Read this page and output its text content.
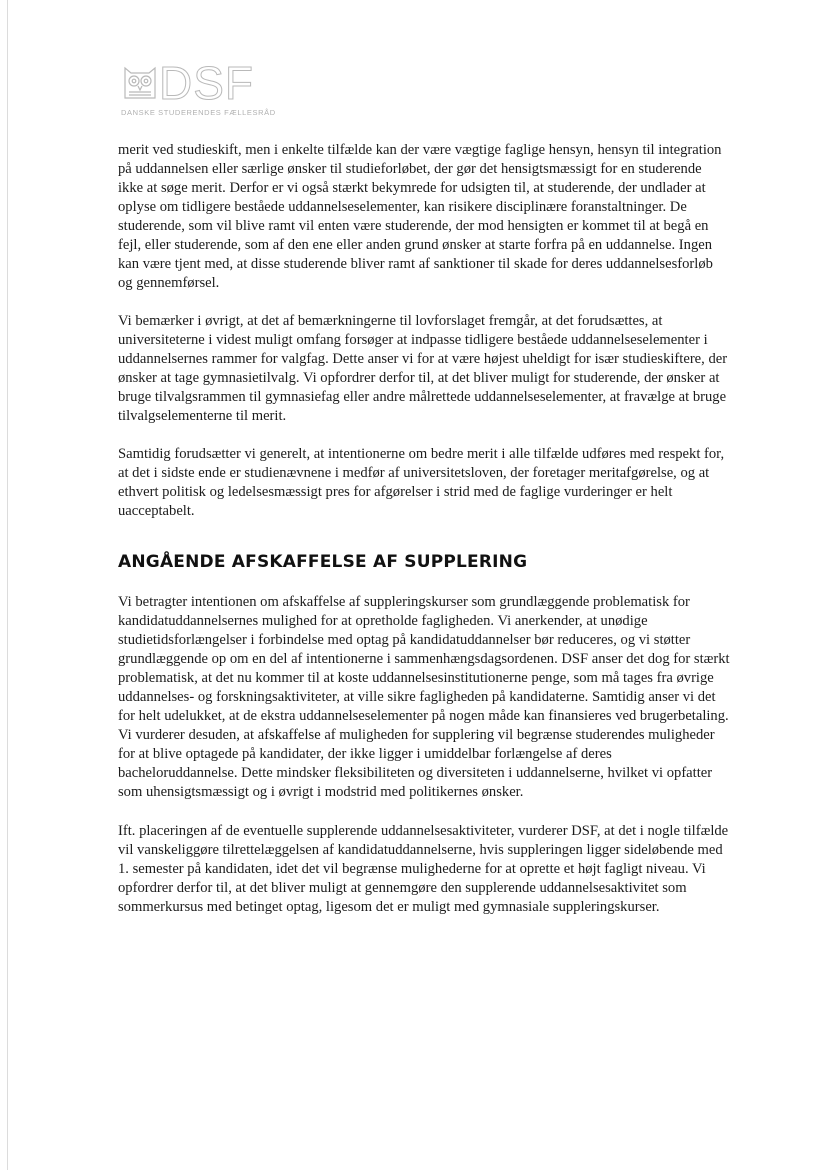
DSF
DANSKE STUDERENDES FÆLLESRÅD

merit ved studieskift, men i enkelte tilfælde kan der være vægtige faglige hensyn, hensyn til integration på uddannelsen eller særlige ønsker til studieforløbet, der gør det hensigtsmæssigt for en studerende ikke at søge merit. Derfor er vi også stærkt bekymrede for udsigten til, at studerende, der undlader at oplyse om tidligere beståede uddannelseselementer, kan risikere disciplinære foranstaltninger. De studerende, som vil blive ramt vil enten være studerende, der mod hensigten er kommet til at begå en fejl, eller studerende, som af den ene eller anden grund ønsker at starte forfra på en uddannelse. Ingen kan være tjent med, at disse studerende bliver ramt af sanktioner til skade for deres uddannelsesforløb og gennemførsel.

Vi bemærker i øvrigt, at det af bemærkningerne til lovforslaget fremgår, at det forudsættes, at universiteterne i videst muligt omfang forsøger at indpasse tidligere beståede uddannelseselementer i uddannelsernes rammer for valgfag. Dette anser vi for at være højest uheldigt for især studieskiftere, der ønsker at tage gymnasietilvalg. Vi opfordrer derfor til, at det bliver muligt for studerende, der ønsker at bruge tilvalgsrammen til gymnasiefag eller andre målrettede uddannelseselementer, at fravælge at bruge tilvalgselementerne til merit.

Samtidig forudsætter vi generelt, at intentionerne om bedre merit i alle tilfælde udføres med respekt for, at det i sidste ende er studienævnene i medfør af universitetsloven, der foretager meritafgørelse, og at ethvert politisk og ledelsesmæssigt pres for afgørelser i strid med de faglige vurderinger er helt uacceptabelt.

ANGÅENDE AFSKAFFELSE AF SUPPLERING

Vi betragter intentionen om afskaffelse af suppleringskurser som grundlæggende problematisk for kandidatuddannelsernes mulighed for at opretholde fagligheden. Vi anerkender, at unødige studietidsforlængelser i forbindelse med optag på kandidatuddannelser bør reduceres, og vi støtter grundlæggende op om en del af intentionerne i sammenhængsdagsordenen. DSF anser det dog for stærkt problematisk, at det nu kommer til at koste uddannelsesinstitutionerne penge, som må tages fra øvrige uddannelses- og forskningsaktiviteter, at ville sikre fagligheden på kandidaterne. Samtidig anser vi det for helt udelukket, at de ekstra uddannelseselementer på nogen måde kan finansieres ved brugerbetaling. Vi vurderer desuden, at afskaffelse af muligheden for supplering vil begrænse studerendes muligheder for at blive optagede på kandidater, der ikke ligger i umiddelbar forlængelse af deres bacheloruddannelse. Dette mindsker fleksibiliteten og diversiteten i uddannelserne, hvilket vi opfatter som uhensigtsmæssigt og i øvrigt i modstrid med politikernes ønsker.

Ift. placeringen af de eventuelle supplerende uddannelsesaktiviteter, vurderer DSF, at det i nogle tilfælde vil vanskeliggøre tilrettelæggelsen af kandidatuddannelserne, hvis suppleringen ligger sideløbende med 1. semester på kandidaten, idet det vil begrænse mulighederne for at oprette et højt fagligt niveau. Vi opfordrer derfor til, at det bliver muligt at gennemgøre den supplerende uddannelsesaktivitet som sommerkursus med betinget optag, ligesom det er muligt med gymnasiale suppleringskurser.
